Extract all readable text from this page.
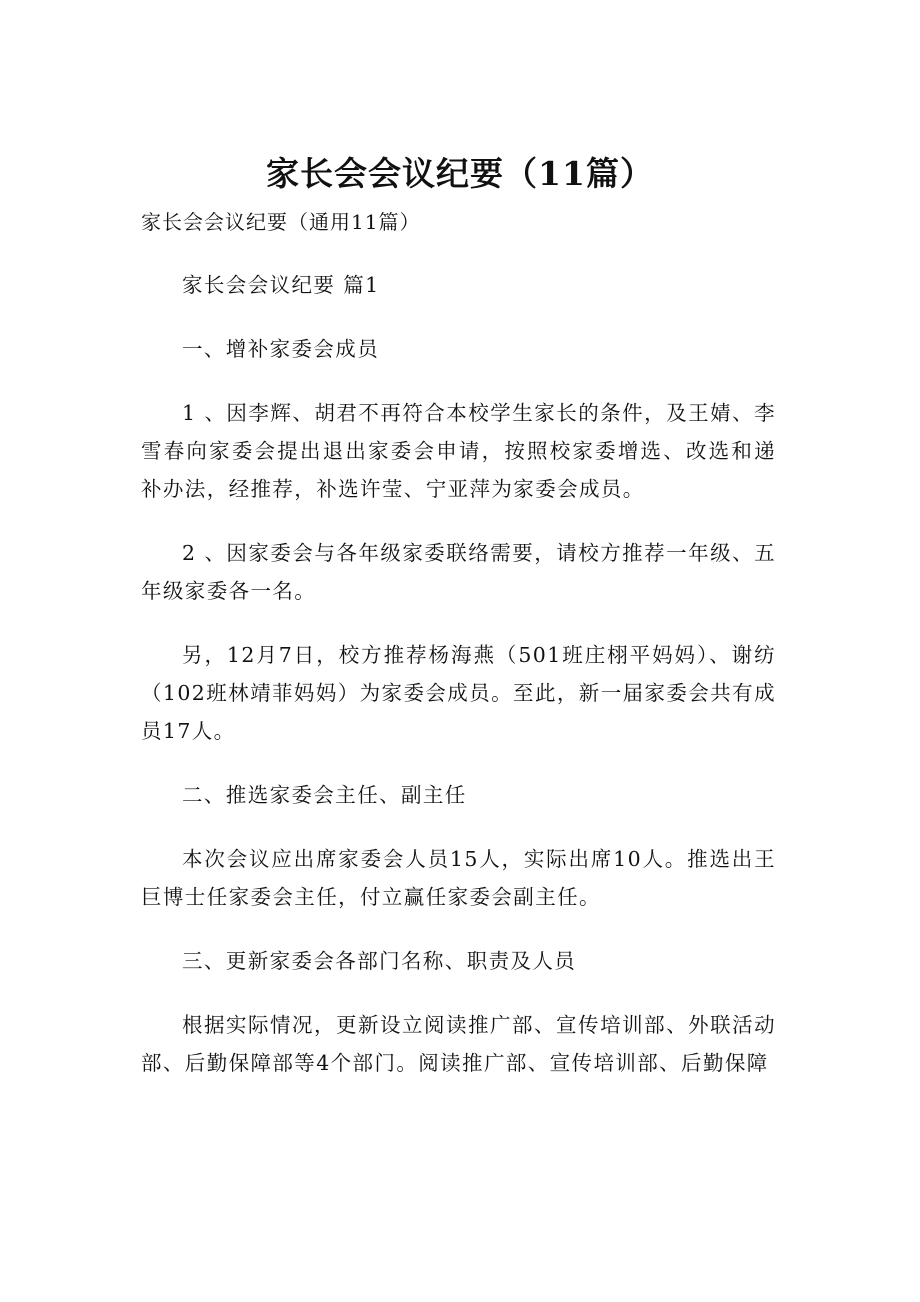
家长会会议纪要（11篇）

家长会会议纪要（通用11篇）

家长会会议纪要 篇1

一、增补家委会成员

1 、因李辉、胡君不再符合本校学生家长的条件，及王婧、李雪春向家委会提出退出家委会申请，按照校家委增选、改选和递补办法，经推荐，补选许莹、宁亚萍为家委会成员。

2 、因家委会与各年级家委联络需要，请校方推荐一年级、五年级家委各一名。

另，12月7日，校方推荐杨海燕（501班庄栩平妈妈）、谢纺（102班林靖菲妈妈）为家委会成员。至此，新一届家委会共有成员17人。

二、推选家委会主任、副主任

本次会议应出席家委会人员15人，实际出席10人。推选出王巨博士任家委会主任，付立赢任家委会副主任。

三、更新家委会各部门名称、职责及人员

根据实际情况，更新设立阅读推广部、宣传培训部、外联活动部、后勤保障部等4个部门。阅读推广部、宣传培训部、后勤保障
